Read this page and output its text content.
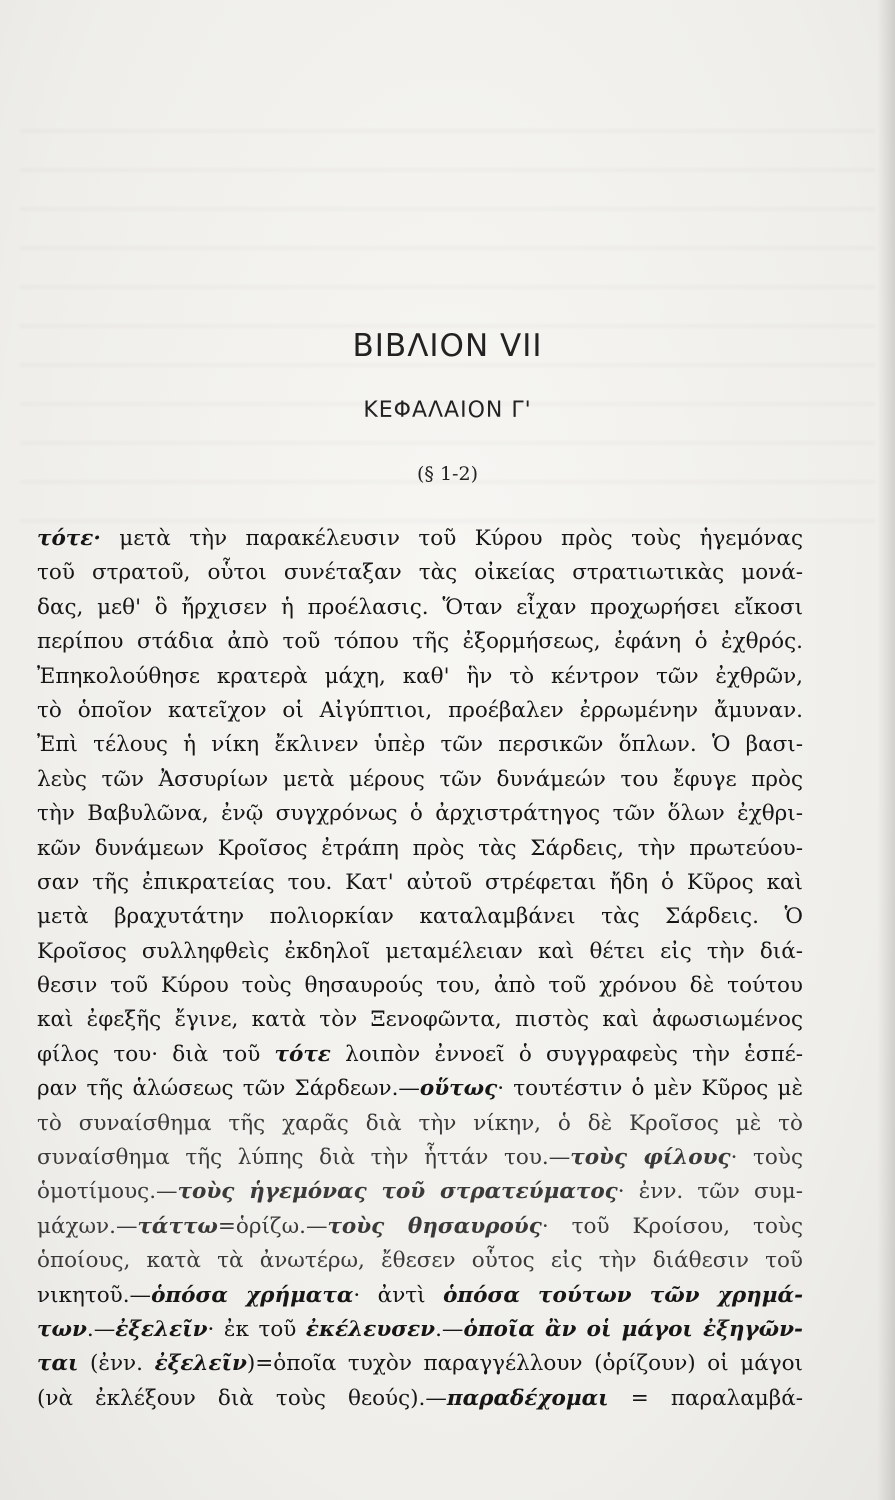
ΒΙΒΛΙΟΝ VII
ΚΕΦΑΛΑΙΟΝ Γ'
(§ 1-2)
τότε· μετὰ τὴν παρακέλευσιν τοῦ Κύρου πρὸς τοὺς ἡγεμόνας
τοῦ στρατοῦ, οὗτοι συνέταξαν τὰς οἰκείας στρατιωτικὰς μονά-
δας, μεθ' ὃ ἤρχισεν ἡ προέλασις. Ὅταν εἶχαν προχωρήσει εἴκοσι
περίπου στάδια ἀπὸ τοῦ τόπου τῆς ἐξορμήσεως, ἐφάνη ὁ ἐχθρός.
Ἐπηκολούθησε κρατερὰ μάχη, καθ' ἣν τὸ κέντρον τῶν ἐχθρῶν,
τὸ ὁποῖον κατεῖχον οἱ Αἰγύπτιοι, προέβαλεν ἐρρωμένην ἄμυναν.
Ἐπὶ τέλους ἡ νίκη ἔκλινεν ὑπὲρ τῶν περσικῶν ὅπλων. Ὁ βασι-
λεὺς τῶν Ἀσσυρίων μετὰ μέρους τῶν δυνάμεών του ἔφυγε πρὸς
τὴν Βαβυλῶνα, ἐνῷ συγχρόνως ὁ ἀρχιστράτηγος τῶν ὅλων ἐχθρι-
κῶν δυνάμεων Κροῖσος ἐτράπη πρὸς τὰς Σάρδεις, τὴν πρωτεύου-
σαν τῆς ἐπικρατείας του. Κατ' αὐτοῦ στρέφεται ἤδη ὁ Κῦρος καὶ
μετὰ βραχυτάτην πολιορκίαν καταλαμβάνει τὰς Σάρδεις. Ὁ
Κροῖσος συλληφθεὶς ἐκδηλοῖ μεταμέλειαν καὶ θέτει εἰς τὴν διά-
θεσιν τοῦ Κύρου τοὺς θησαυρούς του, ἀπὸ τοῦ χρόνου δὲ τούτου
καὶ ἐφεξῆς ἔγινε, κατὰ τὸν Ξενοφῶντα, πιστὸς καὶ ἀφωσιωμένος
φίλος του· διὰ τοῦ τότε λοιπὸν ἐννοεῖ ὁ συγγραφεὺς τὴν ἑσπέ-
ραν τῆς ἁλώσεως τῶν Σάρδεων.—οὕτως· τουτέστιν ὁ μὲν Κῦρος μὲ
τὸ συναίσθημα τῆς χαρᾶς διὰ τὴν νίκην, ὁ δὲ Κροῖσος μὲ τὸ
συναίσθημα τῆς λύπης διὰ τὴν ἧττάν του.—τοὺς φίλους· τοὺς
ὁμοτίμους.—τοὺς ἡγεμόνας τοῦ στρατεύματος· ἐνν. τῶν συμ-
μάχων.—τάττω=ὁρίζω.—τοὺς θησαυρούς· τοῦ Κροίσου, τοὺς
ὁποίους, κατὰ τὰ ἀνωτέρω, ἔθεσεν οὗτος εἰς τὴν διάθεσιν τοῦ
νικητοῦ.—ὁπόσα χρήματα· ἀντὶ ὁπόσα τούτων τῶν χρημά-
των.—ἐξελεῖν· ἐκ τοῦ ἐκέλευσεν.—ὁποῖα ἂν οἱ μάγοι ἐξηγῶν-
ται (ἐνν. ἐξελεῖν)=ὁποῖα τυχὸν παραγγέλλουν (ὁρίζουν) οἱ μάγοι
(νὰ ἐκλέξουν διὰ τοὺς θεούς).—παραδέχομαι = παραλαμβά-
